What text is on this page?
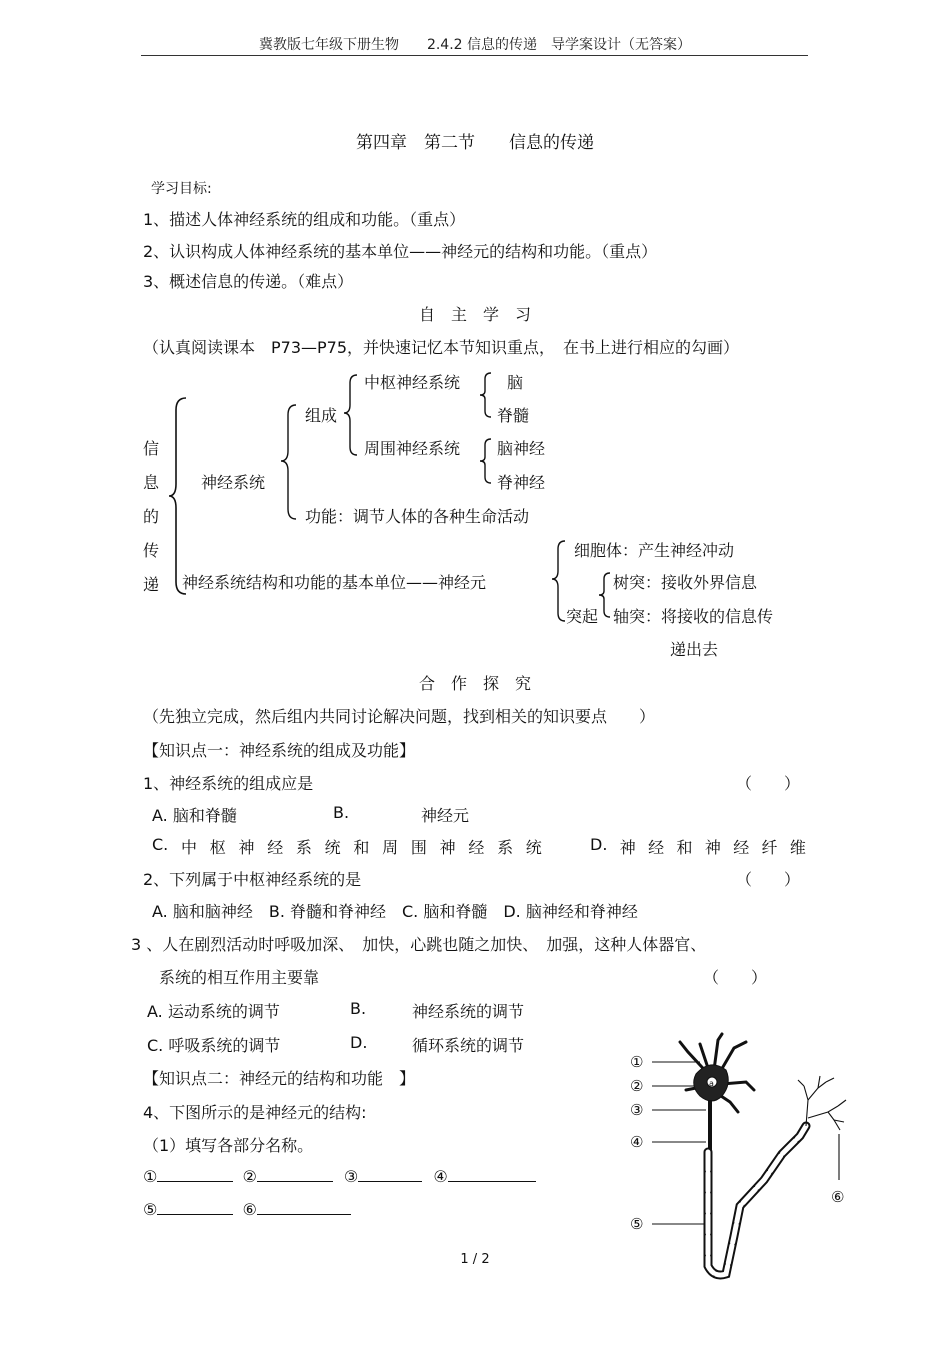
冀教版七年级下册生物　　2.4.2 信息的传递　导学案设计（无答案）
第四章　第二节　　信息的传递
学习目标:
1、描述人体神经系统的组成和功能。（重点）
2、认识构成人体神经系统的基本单位——神经元的结构和功能。（重点）
3、概述信息的传递。（难点）
自　主　学　习
（认真阅读课本　P73—P75，并快速记忆本节知识重点，　在书上进行相应的勾画）
信
息
的
传
递
神经系统
组成
中枢神经系统	脑
脊髓
周围神经系统 脑神经
脊神经
功能：调节人体的各种生命活动
神经系统结构和功能的基本单位——神经元
细胞体：产生神经冲动
突起
树突：接收外界信息
轴突：将接收的信息传
递出去
合　作　探　究
（先独立完成，然后组内共同讨论解决问题，找到相关的知识要点　　）
【知识点一：神经系统的组成及功能】
1、神经系统的组成应是	（　　）
A. 脑和脊髓	B.	神经元
C. 中 枢 神 经 系 统 和 周 围 神 经 系 统	D. 神 经 和 神 经 纤 维
2、下列属于中枢神经系统的是	（　　）
A. 脑和脑神经　B. 脊髓和脊神经　C. 脑和脊髓　D. 脑神经和脊神经
3 、人在剧烈活动时呼吸加深、　加快，心跳也随之加快、　加强，这种人体器官、
系统的相互作用主要靠	（　　）
A. 运动系统的调节	B.	神经系统的调节
C. 呼吸系统的调节	D.	循环系统的调节
【知识点二：神经元的结构和功能　】
4、下图所示的是神经元的结构:
（1）填写各部分名称。
①	②	③	④
⑤	⑥
a
①
②
③
④
⑤
⑥
1 / 2
